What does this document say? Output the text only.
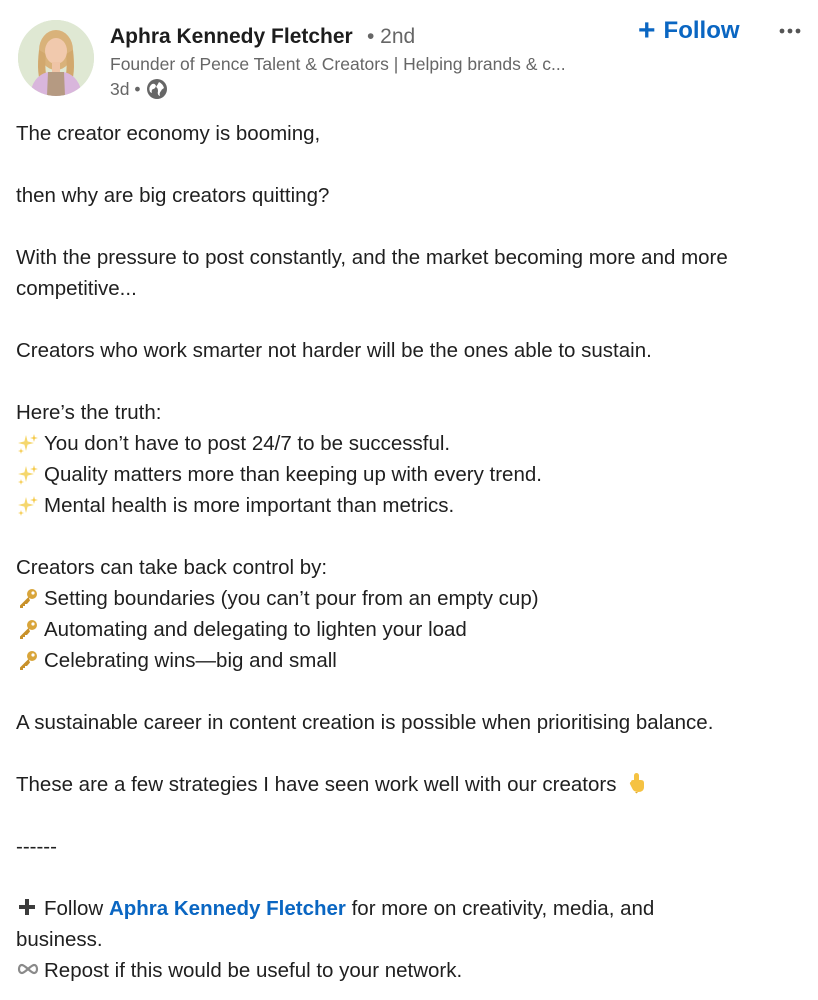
Aphra Kennedy Fletcher • 2nd
Founder of Pence Talent & Creators | Helping brands & c...
3d •
+ Follow
The creator economy is booming,
then why are big creators quitting?
With the pressure to post constantly, and the market becoming more and more
competitive...
Creators who work smarter not harder will be the ones able to sustain.
Here’s the truth:
You don’t have to post 24/7 to be successful.
Quality matters more than keeping up with every trend.
Mental health is more important than metrics.
Creators can take back control by:
Setting boundaries (you can’t pour from an empty cup)
Automating and delegating to lighten your load
Celebrating wins—big and small
A sustainable career in content creation is possible when prioritising balance.
These are a few strategies I have seen work well with our creators
------
Follow Aphra Kennedy Fletcher for more on creativity, media, and
business.
Repost if this would be useful to your network.
